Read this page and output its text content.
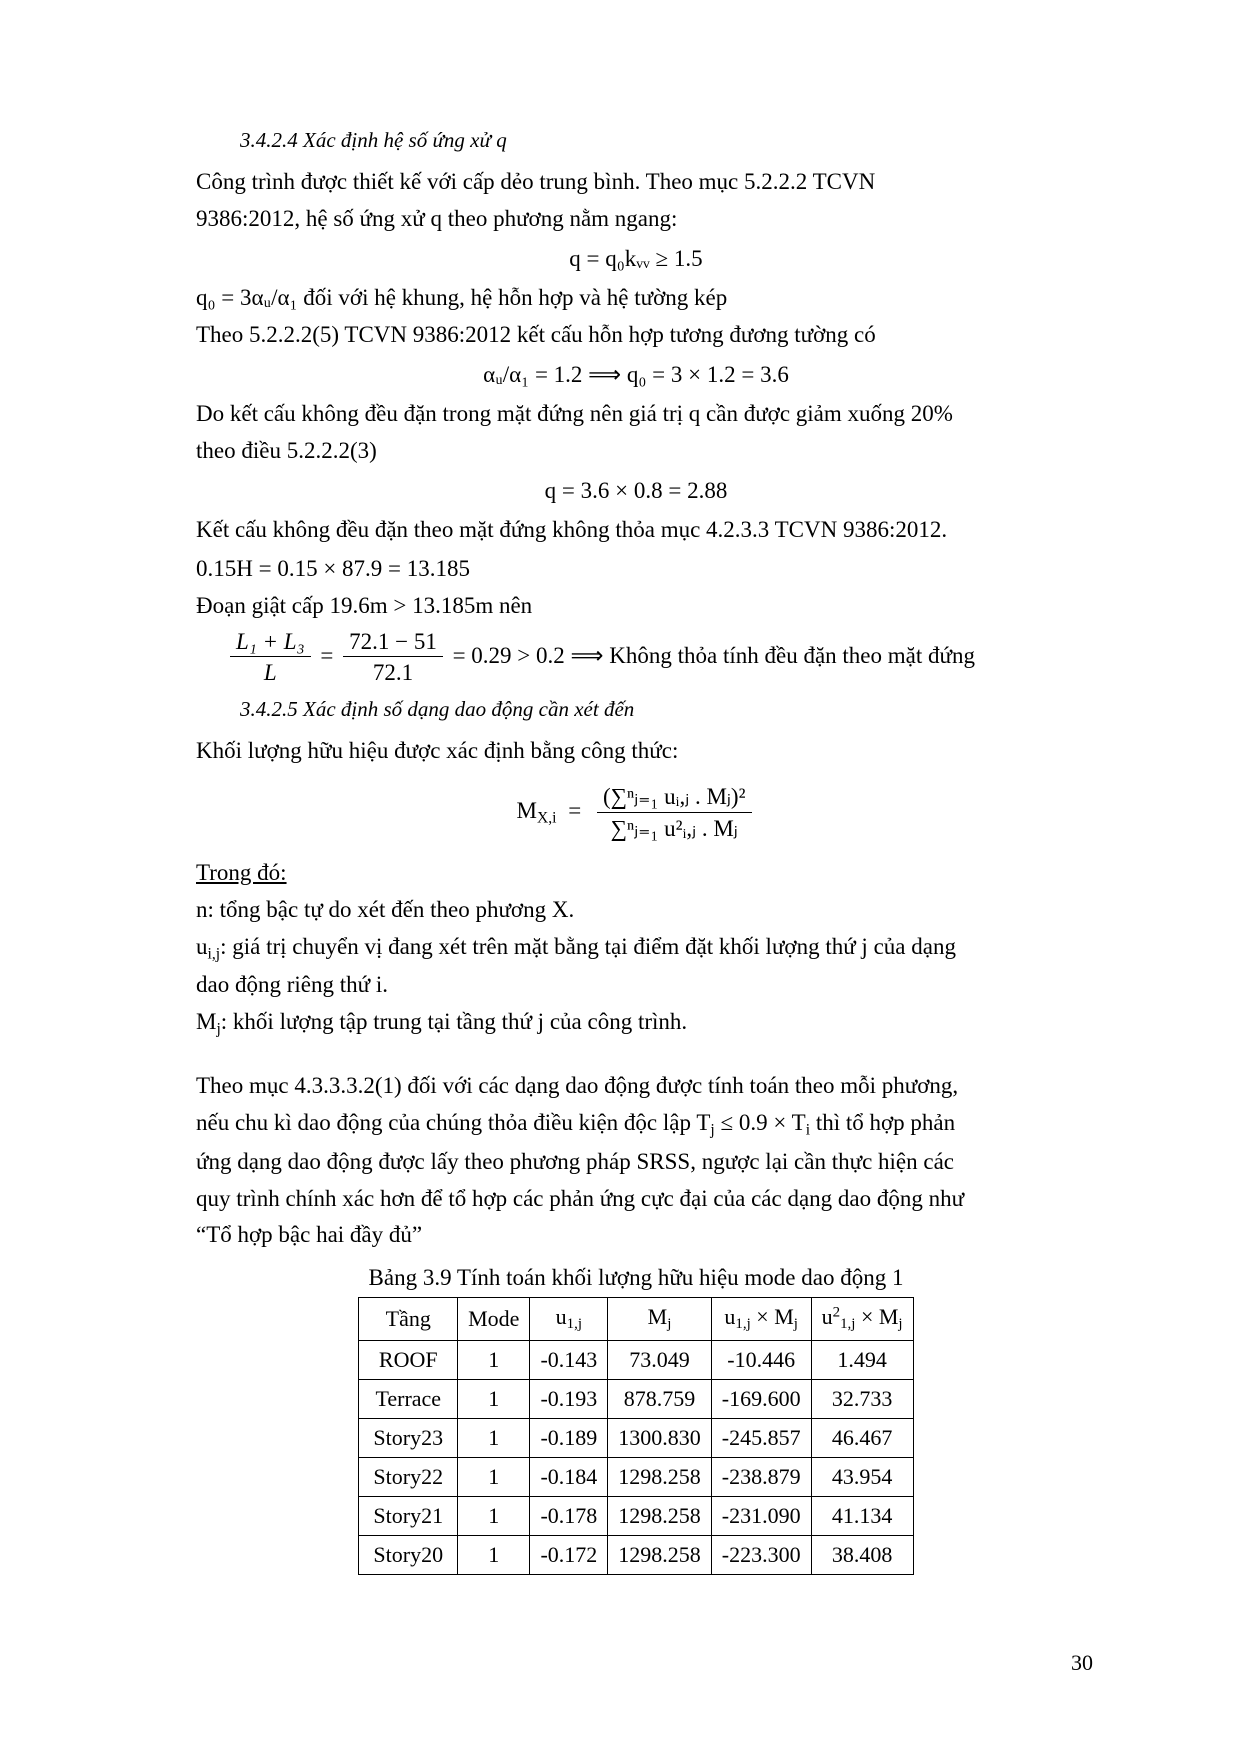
3.4.2.4 Xác định hệ số ứng xử q

Công trình được thiết kế với cấp dẻo trung bình. Theo mục 5.2.2.2 TCVN

9386:2012, hệ số ứng xử q theo phương nằm ngang:

q = q₀kᵥᵥ ≥ 1.5
q₀ = 3αᵤ/α₁ đối với hệ khung, hệ hỗn hợp và hệ tường kép

Theo 5.2.2.2(5) TCVN 9386:2012 kết cấu hỗn hợp tương đương tường có

αᵤ/α₁ = 1.2 ⟹ q₀ = 3 × 1.2 = 3.6

Do kết cấu không đều đặn trong mặt đứng nên giá trị q cần được giảm xuống 20%

theo điều 5.2.2.2(3)

q = 3.6 × 0.8 = 2.88

Kết cấu không đều đặn theo mặt đứng không thỏa mục 4.2.3.3 TCVN 9386:2012.

0.15H = 0.15 × 87.9 = 13.185

Đoạn giật cấp 19.6m > 13.185m nên

$\frac{\text{L₁ + L₃}}{L} = \frac{72.1 - 51}{72.1} = 0.29 > 0.2$ ⟹ Không thỏa tính đều đặn theo mặt đứng
3.4.2.5 Xác định số dạng dao động cần xét đến

Khối lượng hữu hiệu được xác định bằng công thức:

$M_{X,i} = \frac{\text{(∑ⁿⱼ₌₁ uᵢ,ⱼ . Mⱼ)²}}{\text{∑ⁿⱼ₌₁ u²ᵢ,ⱼ . Mⱼ}}$

Trong đó:

n: tổng bậc tự do xét đến theo phương X.

$u_{i,j}$: giá trị chuyển vị đang xét trên mặt bằng tại điểm đặt khối lượng thứ j của dạng

dao động riêng thứ i.

$M_j$: khối lượng tập trung tại tầng thứ j của công trình.

Theo mục 4.3.3.3.2(1) đối với các dạng dao động được tính toán theo mỗi phương,

nếu chu kì dao động của chúng thỏa điều kiện độc lập $T_j \le 0.9 \times T_i$ thì tổ hợp phản

ứng dạng dao động được lấy theo phương pháp SRSS, ngược lại cần thực hiện các

quy trình chính xác hơn để tổ hợp các phản ứng cực đại của các dạng dao động như

“Tổ hợp bậc hai đầy đủ”

Bảng 3.9 Tính toán khối lượng hữu hiệu mode dao động 1
Tầng	Mode	$u_{1,j}$	$M_j$	$u_{1,j} \times M_j$	$u^2_{1,j} \times M_j$
ROOF	1	-0.143	73.049	-10.446	1.494
Terrace	1	-0.193	878.759	-169.600	32.733
Story23	1	-0.189	1300.830	-245.857	46.467
Story22	1	-0.184	1298.258	-238.879	43.954
Story21	1	-0.178	1298.258	-231.090	41.134
Story20	1	-0.172	1298.258	-223.300	38.408
30
